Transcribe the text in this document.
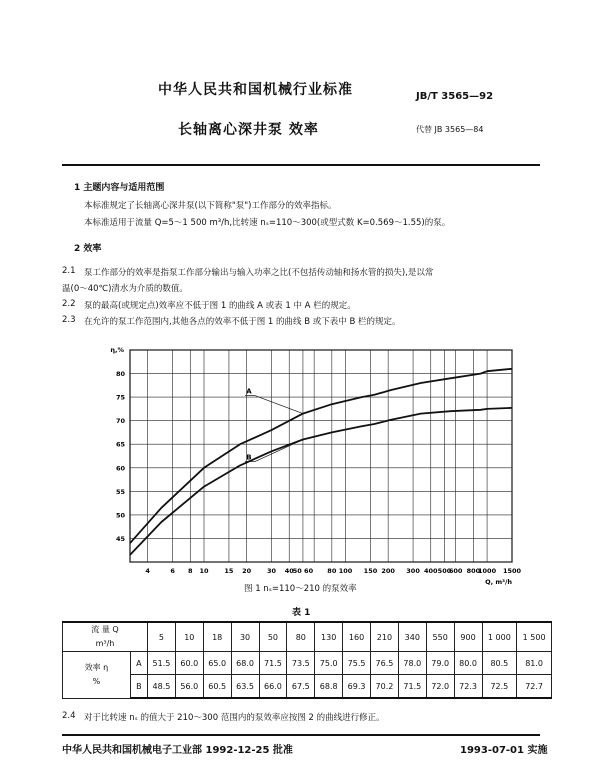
中华人民共和国机械行业标准	JB/T 3565—92
长轴离心深井泵 效率	代替 JB 3565—84
1 主题内容与适用范围
本标准规定了长轴离心深井泵(以下简称"泵")工作部分的效率指标。
本标准适用于流量 Q=5～1 500 m³/h,比转速 nₛ=110～300(或型式数 K=0.569～1.55)的泵。
2 效率
2.1 泵工作部分的效率是指泵工作部分输出与输入功率之比(不包括传动轴和扬水管的损失),是以常
温(0～40℃)清水为介质的数值。
2.2 泵的最高(或规定点)效率应不低于图 1 的曲线 A 或表 1 中 A 栏的规定。
2.3 在允许的泵工作范围内,其他各点的效率不低于图 1 的曲线 B 或下表中 B 栏的规定。
4	6 8 10 15 20 30 40 50 60 80 100 150 200 300 400 500
600 800
1000 1500
45
50
55
60
65
70
75
80
η,%
Q, m³/h
A
B
图 1 nₛ=110～210 的泵效率
表 1
流 量 Q
m³/h		5	10	18	30	50	80	130	160	210	340	550	900	1 000	1 500
效率 η
%	A	51.5	60.0	65.0	68.0	71.5	73.5	75.0	75.5	76.5	78.0	79.0	80.0	80.5	81.0
	B	48.5	56.0	60.5	63.5	66.0	67.5	68.8	69.3	70.2	71.5	72.0	72.3	72.5	72.7
2.4 对于比转速 nₛ 的值大于 210～300 范围内的泵效率应按图 2 的曲线进行修正。
中华人民共和国机械电子工业部 1992-12-25 批准	1993-07-01 实施
